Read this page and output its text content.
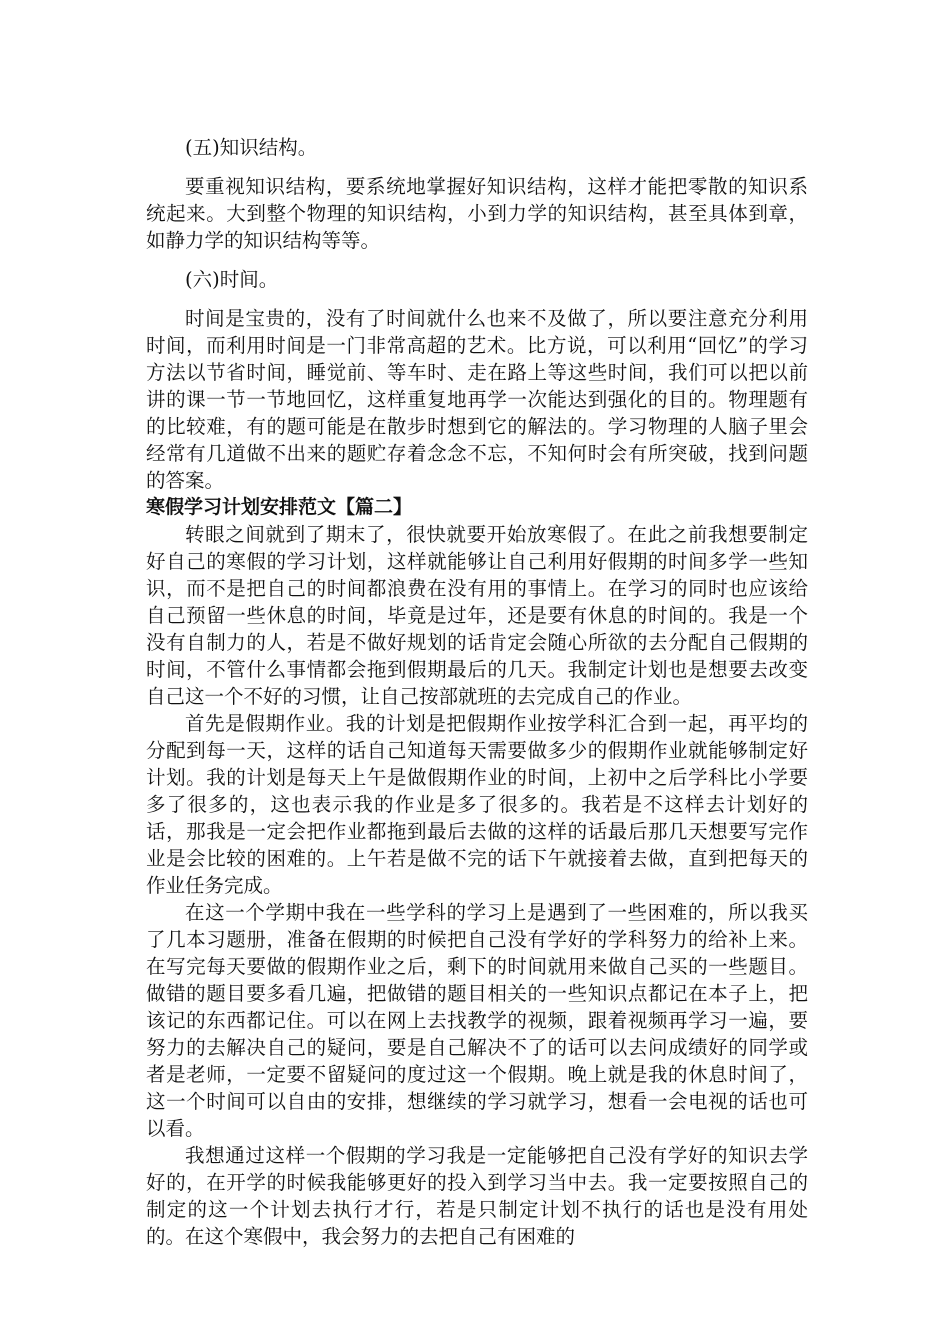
(五)知识结构。

要重视知识结构，要系统地掌握好知识结构，这样才能把零散的知识系统起来。大到整个物理的知识结构，小到力学的知识结构，甚至具体到章，如静力学的知识结构等等。

(六)时间。

时间是宝贵的，没有了时间就什么也来不及做了，所以要注意充分利用时间，而利用时间是一门非常高超的艺术。比方说，可以利用“回忆”的学习方法以节省时间，睡觉前、等车时、走在路上等这些时间，我们可以把以前讲的课一节一节地回忆，这样重复地再学一次能达到强化的目的。物理题有的比较难，有的题可能是在散步时想到它的解法的。学习物理的人脑子里会经常有几道做不出来的题贮存着念念不忘，不知何时会有所突破，找到问题的答案。

寒假学习计划安排范文【篇二】

转眼之间就到了期末了，很快就要开始放寒假了。在此之前我想要制定好自己的寒假的学习计划，这样就能够让自己利用好假期的时间多学一些知识，而不是把自己的时间都浪费在没有用的事情上。在学习的同时也应该给自己预留一些休息的时间，毕竟是过年，还是要有休息的时间的。我是一个没有自制力的人，若是不做好规划的话肯定会随心所欲的去分配自己假期的时间，不管什么事情都会拖到假期最后的几天。我制定计划也是想要去改变自己这一个不好的习惯，让自己按部就班的去完成自己的作业。

首先是假期作业。我的计划是把假期作业按学科汇合到一起，再平均的分配到每一天，这样的话自己知道每天需要做多少的假期作业就能够制定好计划。我的计划是每天上午是做假期作业的时间，上初中之后学科比小学要多了很多的，这也表示我的作业是多了很多的。我若是不这样去计划好的话，那我是一定会把作业都拖到最后去做的这样的话最后那几天想要写完作业是会比较的困难的。上午若是做不完的话下午就接着去做，直到把每天的作业任务完成。

在这一个学期中我在一些学科的学习上是遇到了一些困难的，所以我买了几本习题册，准备在假期的时候把自己没有学好的学科努力的给补上来。在写完每天要做的假期作业之后，剩下的时间就用来做自己买的一些题目。做错的题目要多看几遍，把做错的题目相关的一些知识点都记在本子上，把该记的东西都记住。可以在网上去找教学的视频，跟着视频再学习一遍，要努力的去解决自己的疑问，要是自己解决不了的话可以去问成绩好的同学或者是老师，一定要不留疑问的度过这一个假期。晚上就是我的休息时间了，这一个时间可以自由的安排，想继续的学习就学习，想看一会电视的话也可以看。

我想通过这样一个假期的学习我是一定能够把自己没有学好的知识去学好的，在开学的时候我能够更好的投入到学习当中去。我一定要按照自己的制定的这一个计划去执行才行，若是只制定计划不执行的话也是没有用处的。在这个寒假中，我会努力的去把自己有困难的
